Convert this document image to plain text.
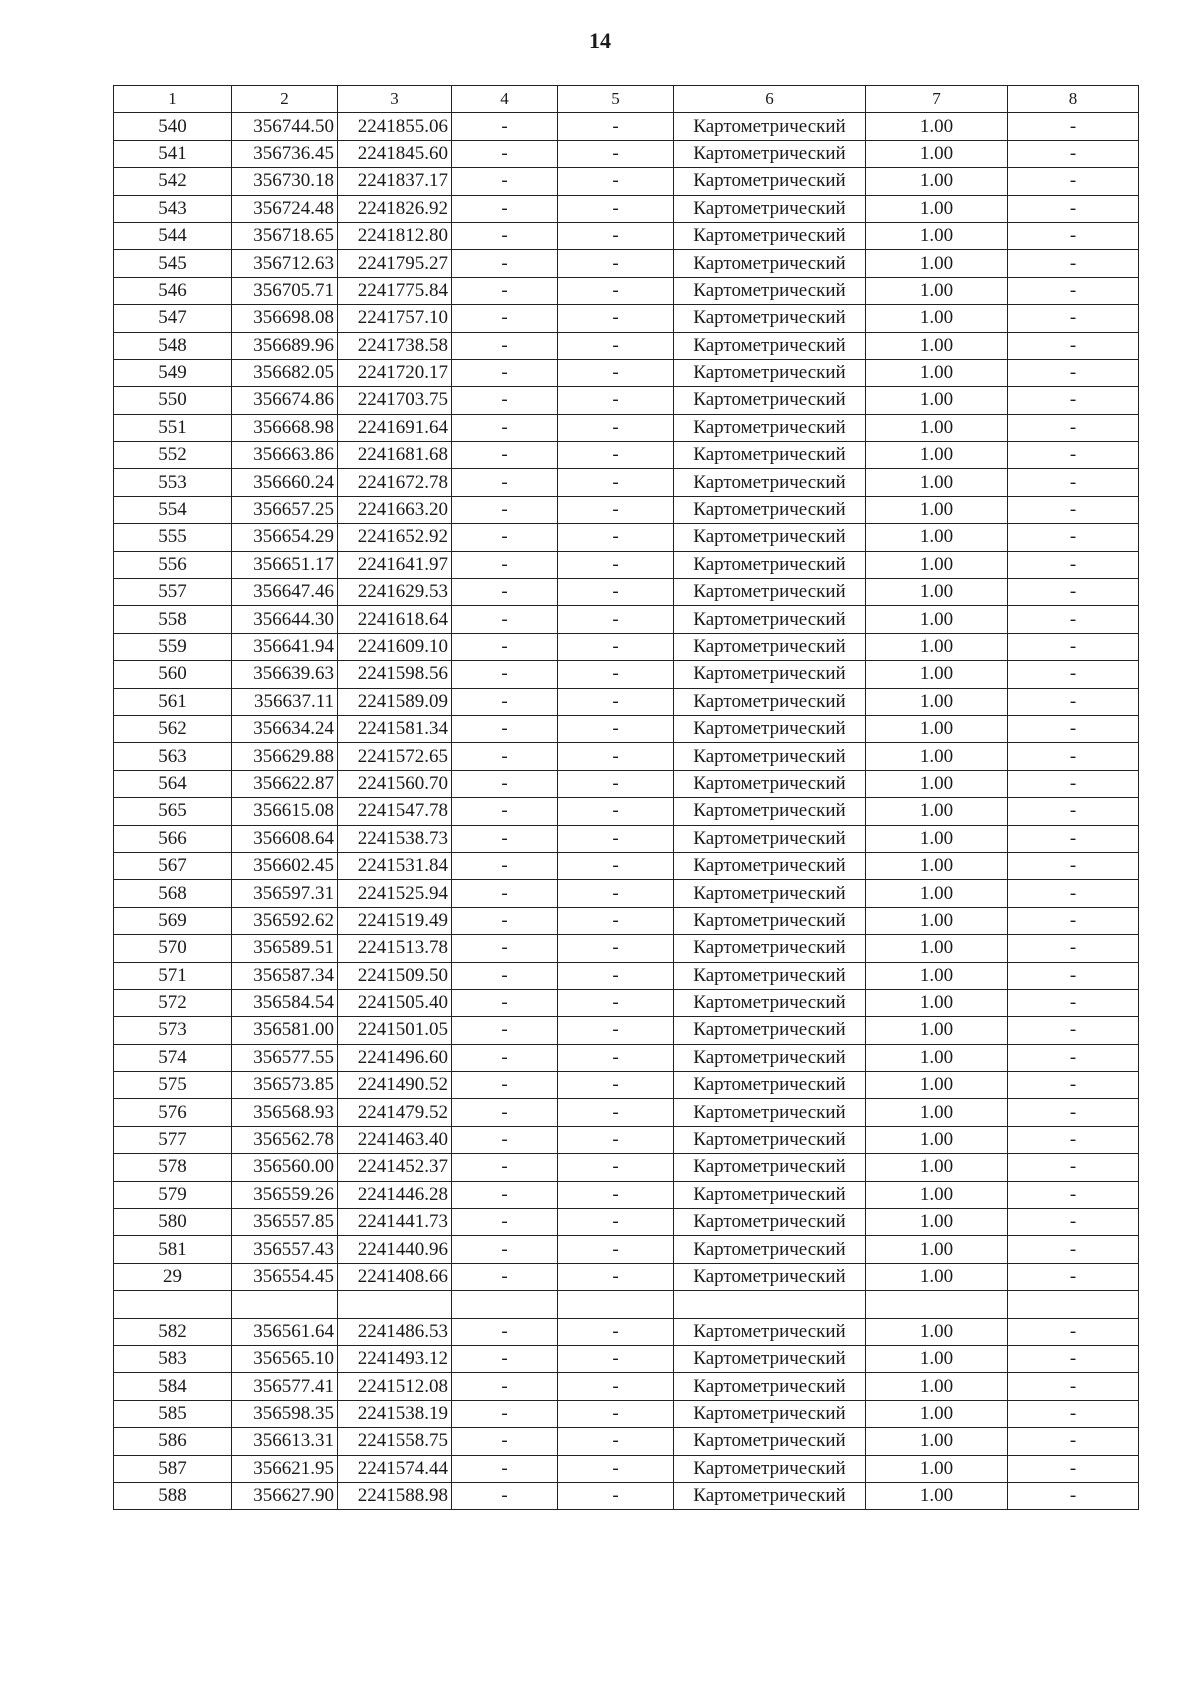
14
1	2	3	4	5	6	7	8
540	356744.50	2241855.06	-	-	Картометрический	1.00	-
541	356736.45	2241845.60	-	-	Картометрический	1.00	-
542	356730.18	2241837.17	-	-	Картометрический	1.00	-
543	356724.48	2241826.92	-	-	Картометрический	1.00	-
544	356718.65	2241812.80	-	-	Картометрический	1.00	-
545	356712.63	2241795.27	-	-	Картометрический	1.00	-
546	356705.71	2241775.84	-	-	Картометрический	1.00	-
547	356698.08	2241757.10	-	-	Картометрический	1.00	-
548	356689.96	2241738.58	-	-	Картометрический	1.00	-
549	356682.05	2241720.17	-	-	Картометрический	1.00	-
550	356674.86	2241703.75	-	-	Картометрический	1.00	-
551	356668.98	2241691.64	-	-	Картометрический	1.00	-
552	356663.86	2241681.68	-	-	Картометрический	1.00	-
553	356660.24	2241672.78	-	-	Картометрический	1.00	-
554	356657.25	2241663.20	-	-	Картометрический	1.00	-
555	356654.29	2241652.92	-	-	Картометрический	1.00	-
556	356651.17	2241641.97	-	-	Картометрический	1.00	-
557	356647.46	2241629.53	-	-	Картометрический	1.00	-
558	356644.30	2241618.64	-	-	Картометрический	1.00	-
559	356641.94	2241609.10	-	-	Картометрический	1.00	-
560	356639.63	2241598.56	-	-	Картометрический	1.00	-
561	356637.11	2241589.09	-	-	Картометрический	1.00	-
562	356634.24	2241581.34	-	-	Картометрический	1.00	-
563	356629.88	2241572.65	-	-	Картометрический	1.00	-
564	356622.87	2241560.70	-	-	Картометрический	1.00	-
565	356615.08	2241547.78	-	-	Картометрический	1.00	-
566	356608.64	2241538.73	-	-	Картометрический	1.00	-
567	356602.45	2241531.84	-	-	Картометрический	1.00	-
568	356597.31	2241525.94	-	-	Картометрический	1.00	-
569	356592.62	2241519.49	-	-	Картометрический	1.00	-
570	356589.51	2241513.78	-	-	Картометрический	1.00	-
571	356587.34	2241509.50	-	-	Картометрический	1.00	-
572	356584.54	2241505.40	-	-	Картометрический	1.00	-
573	356581.00	2241501.05	-	-	Картометрический	1.00	-
574	356577.55	2241496.60	-	-	Картометрический	1.00	-
575	356573.85	2241490.52	-	-	Картометрический	1.00	-
576	356568.93	2241479.52	-	-	Картометрический	1.00	-
577	356562.78	2241463.40	-	-	Картометрический	1.00	-
578	356560.00	2241452.37	-	-	Картометрический	1.00	-
579	356559.26	2241446.28	-	-	Картометрический	1.00	-
580	356557.85	2241441.73	-	-	Картометрический	1.00	-
581	356557.43	2241440.96	-	-	Картометрический	1.00	-
29	356554.45	2241408.66	-	-	Картометрический	1.00	-

582	356561.64	2241486.53	-	-	Картометрический	1.00	-
583	356565.10	2241493.12	-	-	Картометрический	1.00	-
584	356577.41	2241512.08	-	-	Картометрический	1.00	-
585	356598.35	2241538.19	-	-	Картометрический	1.00	-
586	356613.31	2241558.75	-	-	Картометрический	1.00	-
587	356621.95	2241574.44	-	-	Картометрический	1.00	-
588	356627.90	2241588.98	-	-	Картометрический	1.00	-
